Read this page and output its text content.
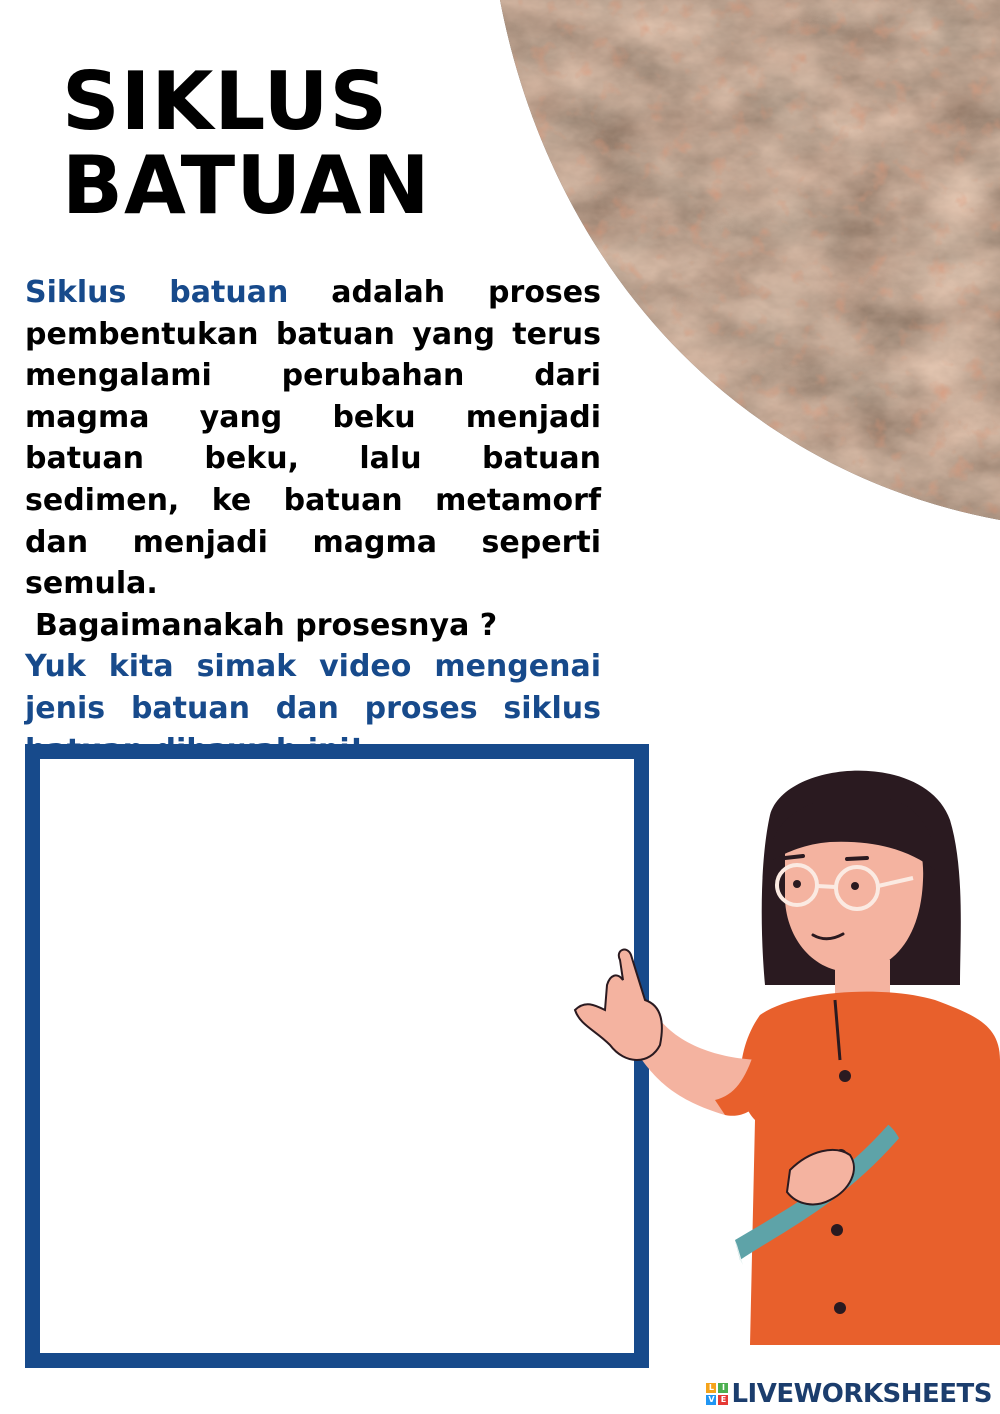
SIKLUS
BATUAN

Siklus batuan adalah proses pembentukan batuan yang terus mengalami perubahan dari magma yang beku menjadi batuan beku, lalu batuan sedimen, ke batuan metamorf dan menjadi magma seperti semula.

Bagaimanakah prosesnya ?

Yuk kita simak video mengenai jenis batuan dan proses siklus

L I
V E LIVEWORKSHEETS
